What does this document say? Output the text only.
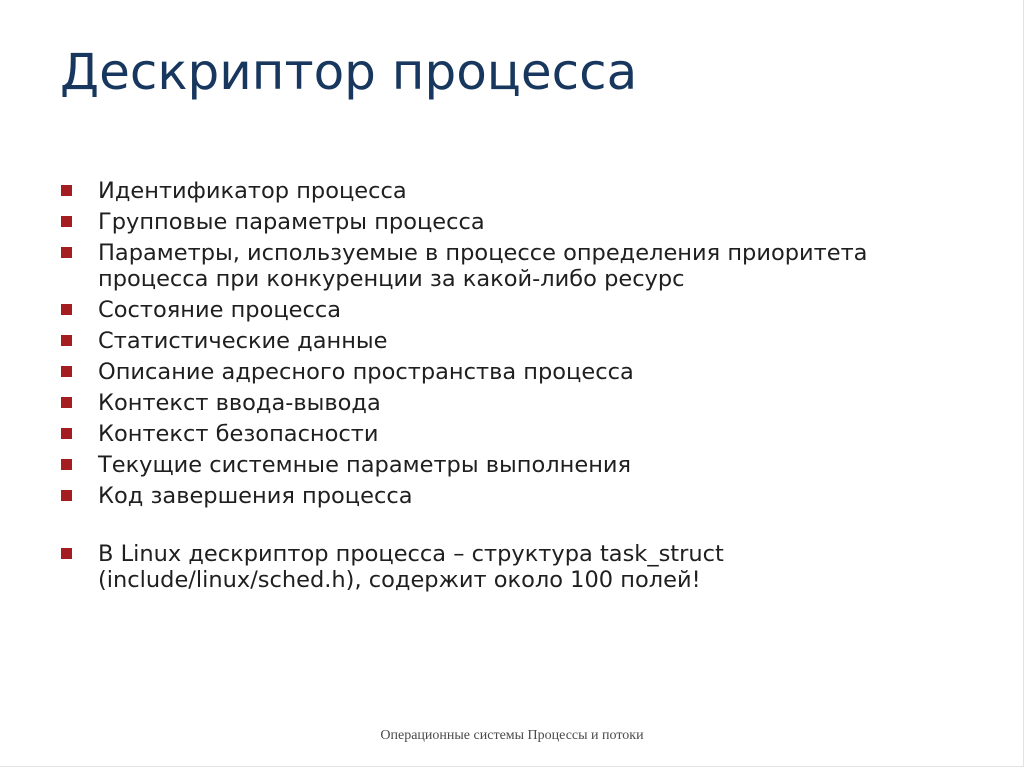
Дескриптор процесса
Идентификатор процесса
Групповые параметры процесса
Параметры, используемые в процессе определения приоритета процесса при конкуренции за какой-либо ресурс
Состояние процесса
Статистические данные
Описание адресного пространства процесса
Контекст ввода-вывода
Контекст безопасности
Текущие системные параметры выполнения
Код завершения процесса
В Linux дескриптор процесса – структура task_struct (include/linux/sched.h), содержит около 100 полей!
Операционные системы Процессы и потоки
